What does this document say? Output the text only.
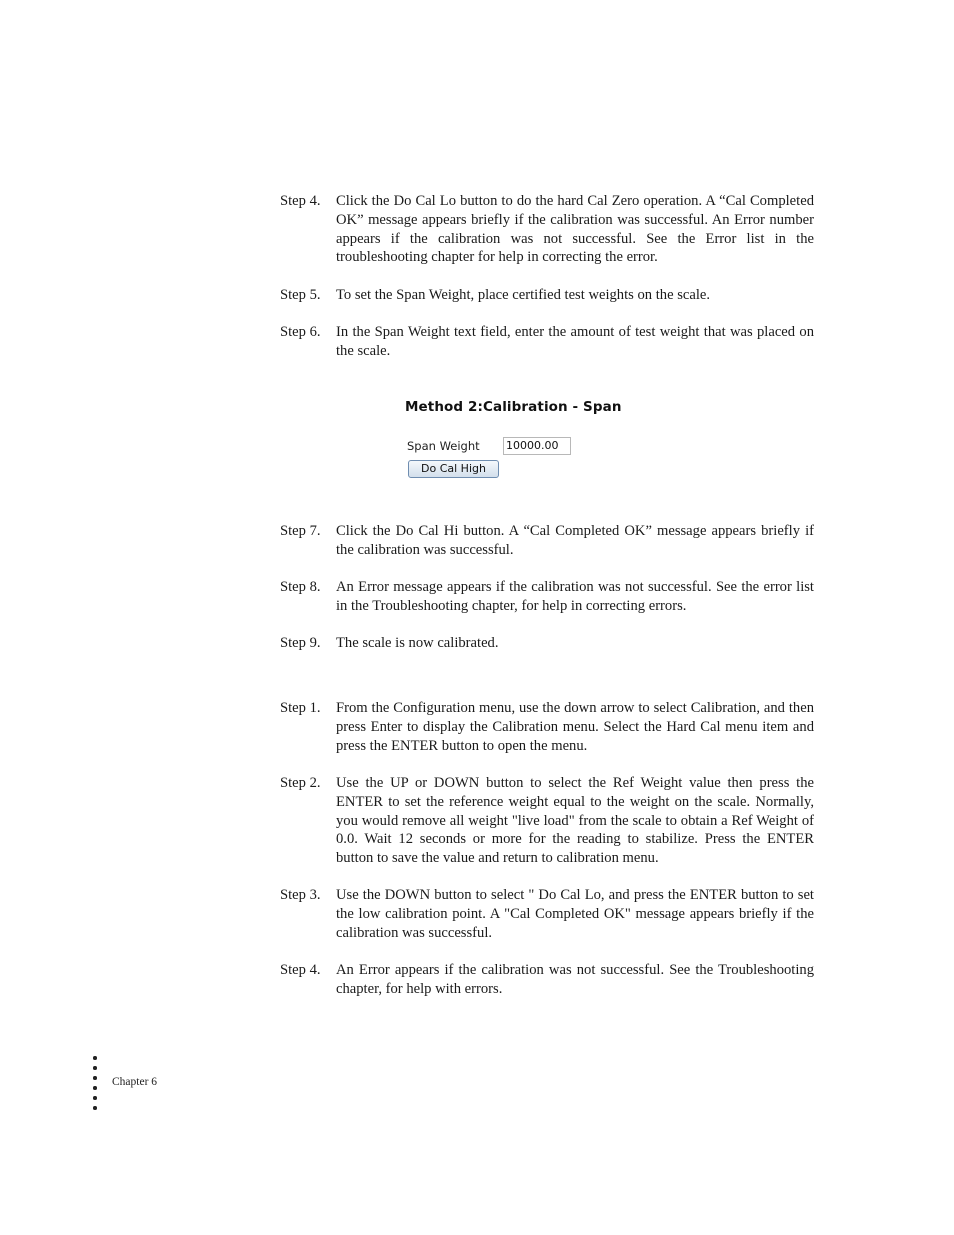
Step 4.	Click the Do Cal Lo button to do the hard Cal Zero operation. A “Cal Completed OK” message appears briefly if the calibration was successful. An Error number appears if the calibration was not successful. See the Error list in the troubleshooting chapter for help in correcting the error.
Step 5.	To set the Span Weight, place certified test weights on the scale.
Step 6.	In the Span Weight text field, enter the amount of test weight that was placed on the scale.
Method 2:Calibration - Span
Span Weight 10000.00
Do Cal High
Step 7.	Click the Do Cal Hi button. A “Cal Completed OK” message appears briefly if the calibration was successful.
Step 8.	An Error message appears if the calibration was not successful. See the error list in the Troubleshooting chapter, for help in correcting errors.
Step 9.	The scale is now calibrated.
Step 1.	From the Configuration menu, use the down arrow to select Calibration, and then press Enter to display the Calibration menu. Select the Hard Cal menu item and press the ENTER button to open the menu.
Step 2.	Use the UP or DOWN button to select the Ref Weight value then press the ENTER to set the reference weight equal to the weight on the scale. Normally, you would remove all weight "live load" from the scale to obtain a Ref Weight of 0.0. Wait 12 seconds or more for the reading to stabilize. Press the ENTER button to save the value and return to calibration menu.
Step 3.	Use the DOWN button to select " Do Cal Lo, and press the ENTER button to set the low calibration point. A "Cal Completed OK" message appears briefly if the calibration was successful.
Step 4.	An Error appears if the calibration was not successful. See the Troubleshooting chapter, for help with errors.
Chapter 6
